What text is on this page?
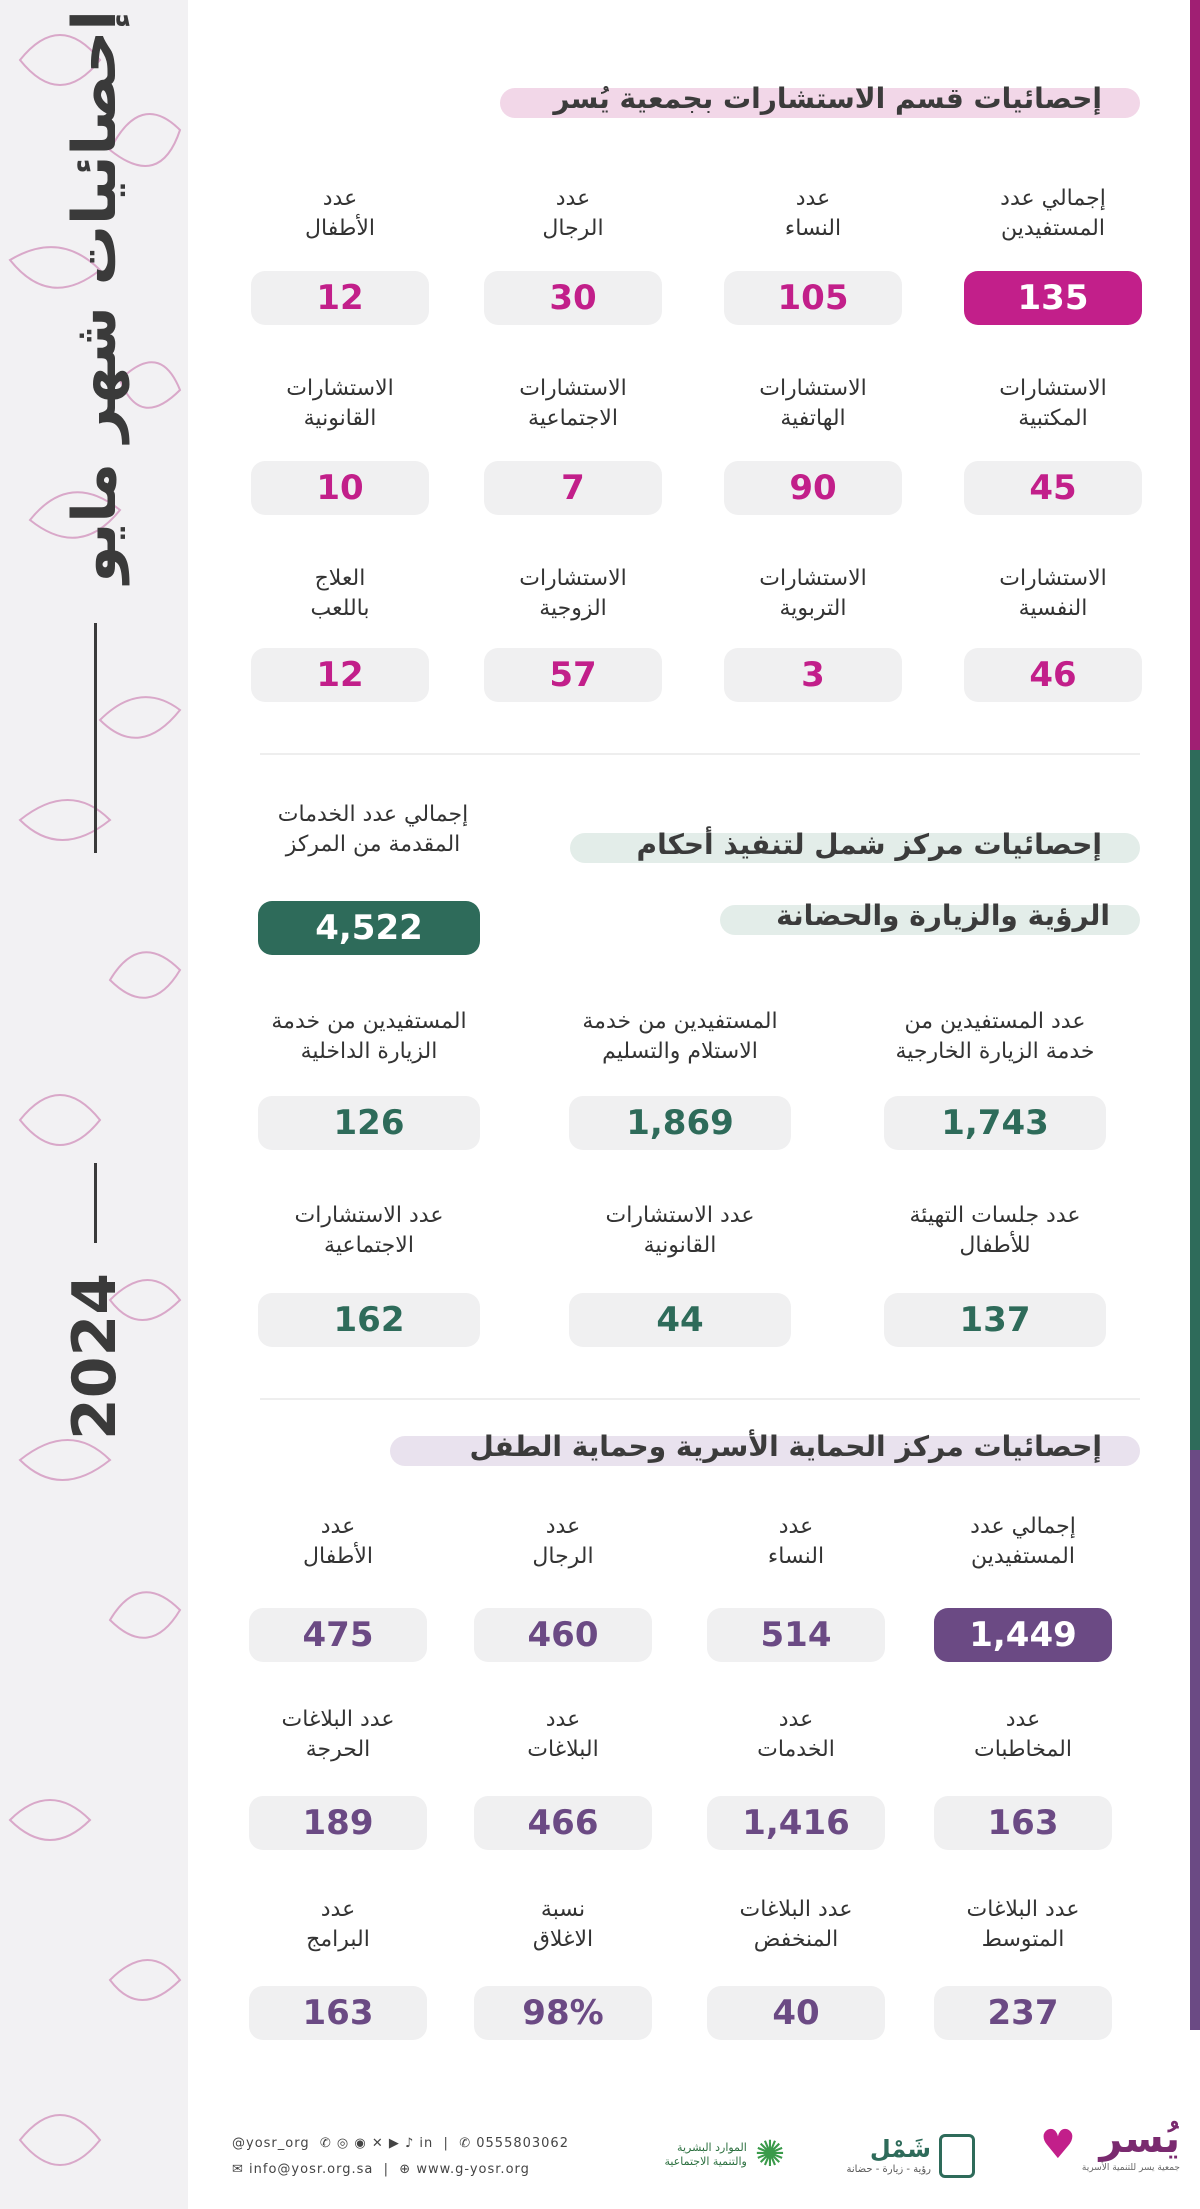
إحصائيات شهر مايو
2024
إحصائيات قسم الاستشارات بجمعية يُسر
إجمالي عدد
المستفيدين
135
عدد
النساء
105
عدد
الرجال
30
عدد
الأطفال
12
الاستشارات
المكتبية
45
الاستشارات
الهاتفية
90
الاستشارات
الاجتماعية
7
الاستشارات
القانونية
10
الاستشارات
النفسية
46
الاستشارات
التربوية
3
الاستشارات
الزوجية
57
العلاج
باللعب
12
إحصائيات مركز شمل لتنفيذ أحكام
الرؤية والزيارة والحضانة
إجمالي عدد الخدمات
المقدمة من المركز
4,522
عدد المستفيدين من
خدمة الزيارة الخارجية
1,743
المستفيدين من خدمة
الاستلام والتسليم
1,869
المستفيدين من خدمة
الزيارة الداخلية
126
عدد جلسات التهيئة
للأطفال
137
عدد الاستشارات
القانونية
44
عدد الاستشارات
الاجتماعية
162
إحصائيات مركز الحماية الأسرية وحماية الطفل
إجمالي عدد
المستفيدين
1,449
عدد
النساء
514
عدد
الرجال
460
عدد
الأطفال
475
عدد
المخاطبات
163
عدد
الخدمات
1,416
عدد
البلاغات
466
عدد البلاغات
الحرجة
189
عدد البلاغات
المتوسط
237
عدد البلاغات
المنخفض
40
نسبة
الاغلاق
98%
عدد
البرامج
163
@yosr_org  ✆ ◎ ◉ ✕ ▶ ♪ in  |  ✆ 0555803062
✉ info@yosr.org.sa  |  ⊕ www.g-yosr.org	✺
الموارد البشرية
والتنمية الاجتماعية	شَمْل
رؤية - زيارة - حضانة
يُسر
جمعية يسر للتنمية الأسرية
♥
